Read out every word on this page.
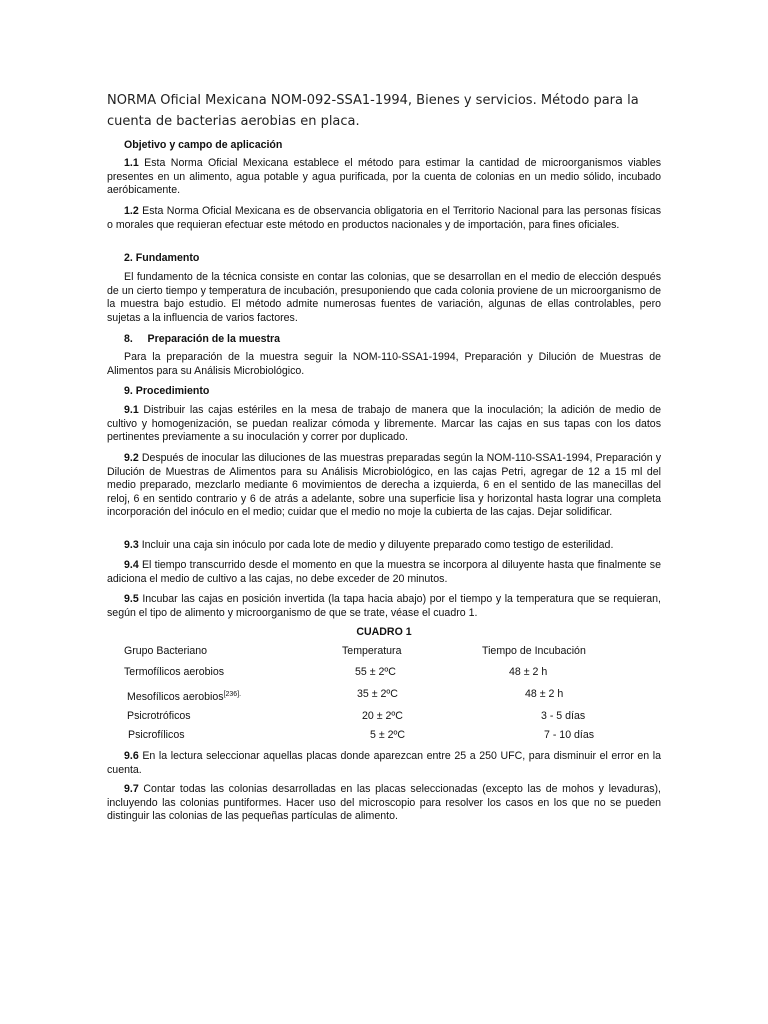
NORMA Oficial Mexicana NOM-092-SSA1-1994, Bienes y servicios. Método para la cuenta de bacterias aerobias en placa.
Objetivo y campo de aplicación

1.1 Esta Norma Oficial Mexicana establece el método para estimar la cantidad de microorganismos viables presentes en un alimento, agua potable y agua purificada, por la cuenta de colonias en un medio sólido, incubado aeróbicamente.

1.2 Esta Norma Oficial Mexicana es de observancia obligatoria en el Territorio Nacional para las personas físicas o morales que requieran efectuar este método en productos nacionales y de importación, para fines oficiales.

2. Fundamento

El fundamento de la técnica consiste en contar las colonias, que se desarrollan en el medio de elección después de un cierto tiempo y temperatura de incubación, presuponiendo que cada colonia proviene de un microorganismo de la muestra bajo estudio. El método admite numerosas fuentes de variación, algunas de ellas controlables, pero sujetas a la influencia de varios factores.

8.     Preparación de la muestra

Para la preparación de la muestra seguir la NOM-110-SSA1-1994, Preparación y Dilución de Muestras de Alimentos para su Análisis Microbiológico.

9. Procedimiento

9.1 Distribuir las cajas estériles en la mesa de trabajo de manera que la inoculación; la adición de medio de cultivo y homogenización, se puedan realizar cómoda y libremente. Marcar las cajas en sus tapas con los datos pertinentes previamente a su inoculación y correr por duplicado.

9.2 Después de inocular las diluciones de las muestras preparadas según la NOM-110-SSA1-1994, Preparación y Dilución de Muestras de Alimentos para su Análisis Microbiológico, en las cajas Petri, agregar de 12 a 15 ml del medio preparado, mezclarlo mediante 6 movimientos de derecha a izquierda, 6 en el sentido de las manecillas del reloj, 6 en sentido contrario y 6 de atrás a adelante, sobre una superficie lisa y horizontal hasta lograr una completa incorporación del inóculo en el medio; cuidar que el medio no moje la cubierta de las cajas. Dejar solidificar.

9.3 Incluir una caja sin inóculo por cada lote de medio y diluyente preparado como testigo de esterilidad.

9.4 El tiempo transcurrido desde el momento en que la muestra se incorpora al diluyente hasta que finalmente se adiciona el medio de cultivo a las cajas, no debe exceder de 20 minutos.

9.5 Incubar las cajas en posición invertida (la tapa hacia abajo) por el tiempo y la temperatura que se requieran, según el tipo de alimento y microorganismo de que se trate, véase el cuadro 1.

CUADRO 1
Grupo Bacteriano	Temperatura	Tiempo de Incubación
Termofílicos aerobios	55 ± 2ºC	48 ± 2 h
Mesofílicos aerobios$^{[236].}$	35 ± 2ºC	48 ± 2 h
Psicrotróficos	20 ± 2ºC	3 - 5 días
Psicrofílicos	5 ± 2ºC	7 - 10 días

9.6 En la lectura seleccionar aquellas placas donde aparezcan entre 25 a 250 UFC, para disminuir el error en la cuenta.

9.7 Contar todas las colonias desarrolladas en las placas seleccionadas (excepto las de mohos y levaduras), incluyendo las colonias puntiformes. Hacer uso del microscopio para resolver los casos en los que no se pueden distinguir las colonias de las pequeñas partículas de alimento.
